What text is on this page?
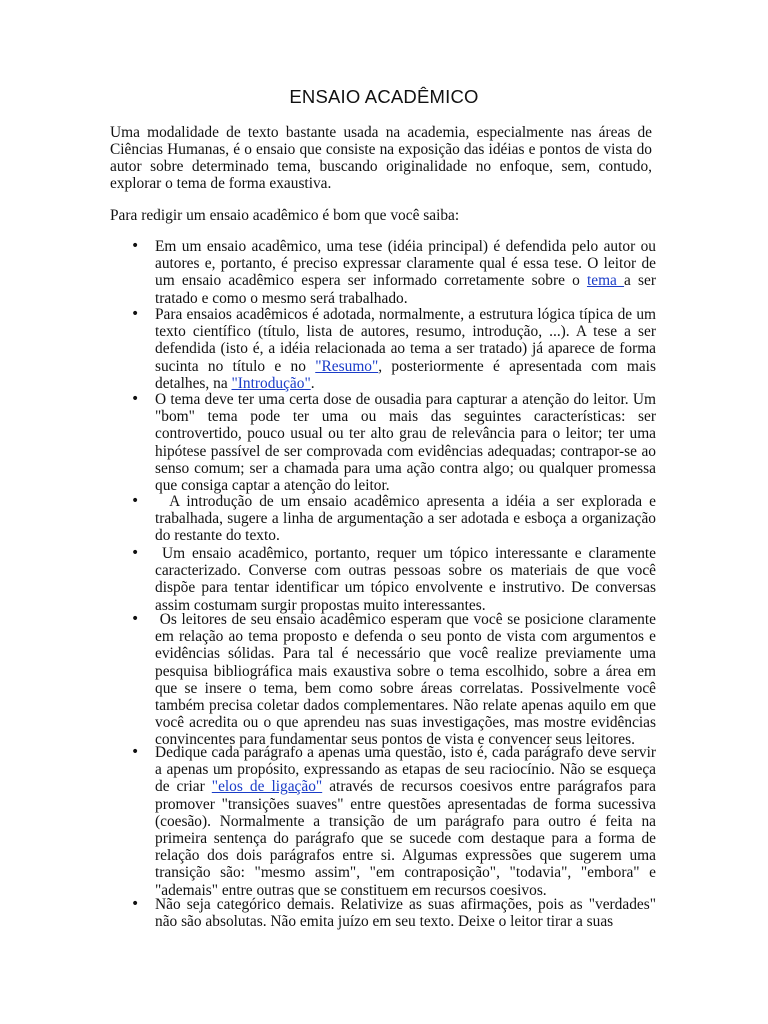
ENSAIO ACADÊMICO
Uma modalidade de texto bastante usada na academia, especialmente nas áreas de Ciências Humanas, é o ensaio que consiste na exposição das idéias e pontos de vista do autor sobre determinado tema, buscando originalidade no enfoque, sem, contudo, explorar o tema de forma exaustiva.
Para redigir um ensaio acadêmico é bom que você saiba:
• Em um ensaio acadêmico, uma tese (idéia principal) é defendida pelo autor ou autores e, portanto, é preciso expressar claramente qual é essa tese. O leitor de um ensaio acadêmico espera ser informado corretamente sobre o tema a ser tratado e como o mesmo será trabalhado.
• Para ensaios acadêmicos é adotada, normalmente, a estrutura lógica típica de um texto científico (título, lista de autores, resumo, introdução, ...). A tese a ser defendida (isto é, a idéia relacionada ao tema a ser tratado) já aparece de forma sucinta no título e no "Resumo", posteriormente é apresentada com mais detalhes, na "Introdução".
• O tema deve ter uma certa dose de ousadia para capturar a atenção do leitor. Um "bom" tema pode ter uma ou mais das seguintes características: ser controvertido, pouco usual ou ter alto grau de relevância para o leitor; ter uma hipótese passível de ser comprovada com evidências adequadas; contrapor-se ao senso comum; ser a chamada para uma ação contra algo; ou qualquer promessa que consiga captar a atenção do leitor.
• A introdução de um ensaio acadêmico apresenta a idéia a ser explorada e trabalhada, sugere a linha de argumentação a ser adotada e esboça a organização do restante do texto.
• Um ensaio acadêmico, portanto, requer um tópico interessante e claramente caracterizado. Converse com outras pessoas sobre os materiais de que você dispõe para tentar identificar um tópico envolvente e instrutivo. De conversas assim costumam surgir propostas muito interessantes.
• Os leitores de seu ensaio acadêmico esperam que você se posicione claramente em relação ao tema proposto e defenda o seu ponto de vista com argumentos e evidências sólidas. Para tal é necessário que você realize previamente uma pesquisa bibliográfica mais exaustiva sobre o tema escolhido, sobre a área em que se insere o tema, bem como sobre áreas correlatas. Possivelmente você também precisa coletar dados complementares. Não relate apenas aquilo em que você acredita ou o que aprendeu nas suas investigações, mas mostre evidências convincentes para fundamentar seus pontos de vista e convencer seus leitores.
• Dedique cada parágrafo a apenas uma questão, isto é, cada parágrafo deve servir a apenas um propósito, expressando as etapas de seu raciocínio. Não se esqueça de criar "elos de ligação" através de recursos coesivos entre parágrafos para promover "transições suaves" entre questões apresentadas de forma sucessiva (coesão). Normalmente a transição de um parágrafo para outro é feita na primeira sentença do parágrafo que se sucede com destaque para a forma de relação dos dois parágrafos entre si. Algumas expressões que sugerem uma transição são: "mesmo assim", "em contraposição", "todavia", "embora" e "ademais" entre outras que se constituem em recursos coesivos.
• Não seja categórico demais. Relativize as suas afirmações, pois as "verdades" não são absolutas. Não emita juízo em seu texto. Deixe o leitor tirar a suas
